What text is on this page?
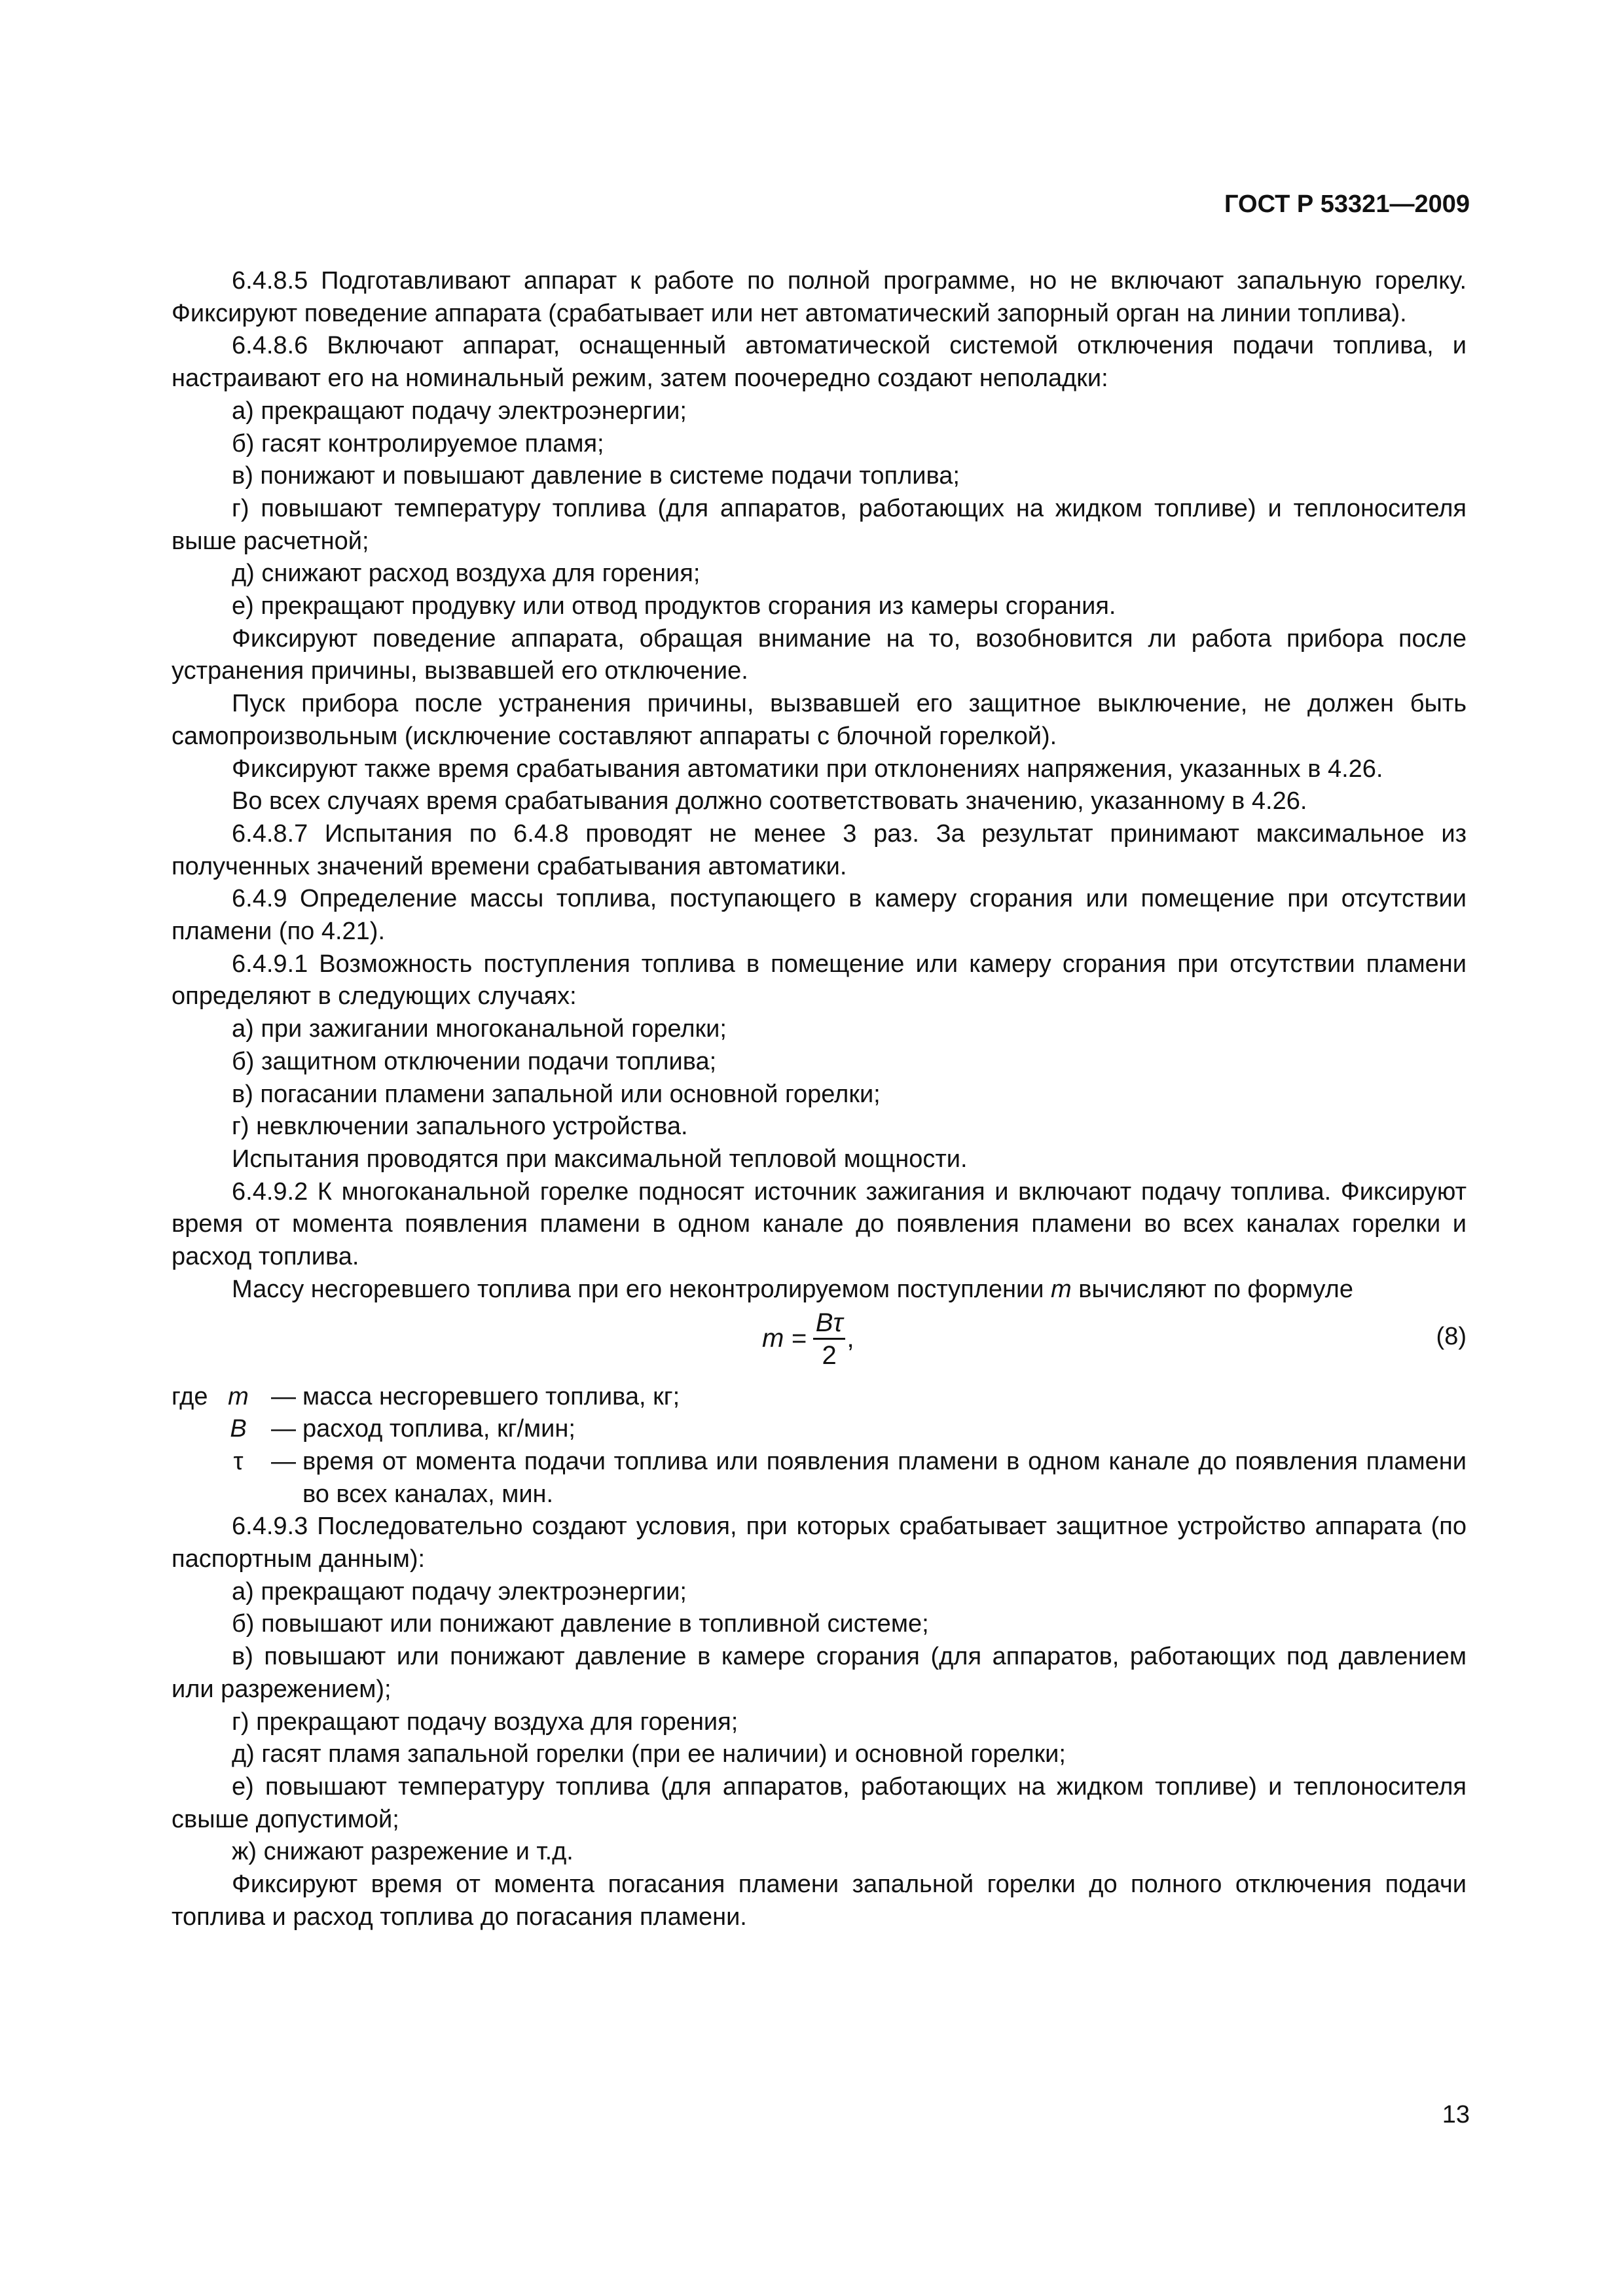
ГОСТ Р 53321—2009

6.4.8.5 Подготавливают аппарат к работе по полной программе, но не включают запальную горелку. Фиксируют поведение аппарата (срабатывает или нет автоматический запорный орган на линии топлива).

6.4.8.6 Включают аппарат, оснащенный автоматической системой отключения подачи топлива, и настраивают его на номинальный режим, затем поочередно создают неполадки:

а) прекращают подачу электроэнергии;

б) гасят контролируемое пламя;

в) понижают и повышают давление в системе подачи топлива;

г) повышают температуру топлива (для аппаратов, работающих на жидком топливе) и теплоносителя выше расчетной;

д) снижают расход воздуха для горения;

е) прекращают продувку или отвод продуктов сгорания из камеры сгорания.

Фиксируют поведение аппарата, обращая внимание на то, возобновится ли работа прибора после устранения причины, вызвавшей его отключение.

Пуск прибора после устранения причины, вызвавшей его защитное выключение, не должен быть самопроизвольным (исключение составляют аппараты с блочной горелкой).

Фиксируют также время срабатывания автоматики при отклонениях напряжения, указанных в 4.26.

Во всех случаях время срабатывания должно соответствовать значению, указанному в 4.26.

6.4.8.7 Испытания по 6.4.8 проводят не менее 3 раз. За результат принимают максимальное из полученных значений времени срабатывания автоматики.

6.4.9 Определение массы топлива, поступающего в камеру сгорания или помещение при отсутствии пламени (по 4.21).

6.4.9.1 Возможность поступления топлива в помещение или камеру сгорания при отсутствии пламени определяют в следующих случаях:

а) при зажигании многоканальной горелки;

б) защитном отключении подачи топлива;

в) погасании пламени запальной или основной горелки;

г) невключении запального устройства.

Испытания проводятся при максимальной тепловой мощности.

6.4.9.2 К многоканальной горелке подносят источник зажигания и включают подачу топлива. Фиксируют время от момента появления пламени в одном канале до появления пламени во всех каналах горелки и расход топлива.

Массу несгоревшего топлива при его неконтролируемом поступлении m вычисляют по формуле

$m = \frac{B\tau}{2}$ ,	(8)
где m — масса несгоревшего топлива, кг;
B — расход топлива, кг/мин;
τ	— время от момента подачи топлива или появления пламени в одном канале до появления пламени во всех каналах, мин.

6.4.9.3 Последовательно создают условия, при которых срабатывает защитное устройство аппарата (по паспортным данным):

а) прекращают подачу электроэнергии;

б) повышают или понижают давление в топливной системе;

в) повышают или понижают давление в камере сгорания (для аппаратов, работающих под давлением или разрежением);

г) прекращают подачу воздуха для горения;

д) гасят пламя запальной горелки (при ее наличии) и основной горелки;

е) повышают температуру топлива (для аппаратов, работающих на жидком топливе) и теплоносителя свыше допустимой;

ж) снижают разрежение и т.д.

Фиксируют время от момента погасания пламени запальной горелки до полного отключения подачи топлива и расход топлива до погасания пламени.

13
